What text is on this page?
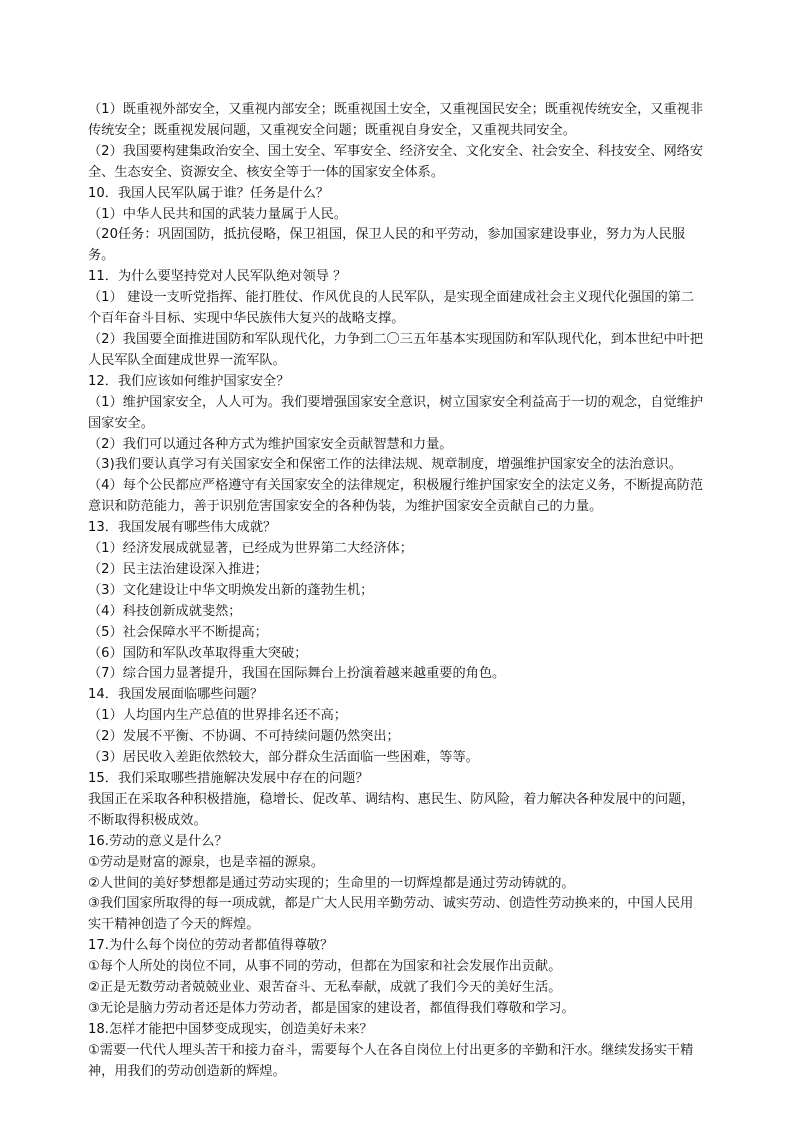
（1）既重视外部安全，又重视内部安全；既重视国土安全，又重视国民安全；既重视传统安全，又重视非传统安全；既重视发展问题，又重视安全问题；既重视自身安全，又重视共同安全。

（2）我国要构建集政治安全、国土安全、军事安全、经济安全、文化安全、社会安全、科技安全、网络安全、生态安全、资源安全、核安全等于一体的国家安全体系。

10．我国人民军队属于谁？任务是什么？

（1）中华人民共和国的武装力量属于人民。

（20任务：巩固国防，抵抗侵略，保卫祖国，保卫人民的和平劳动，参加国家建设事业，努力为人民服务。

11．为什么要坚持党对人民军队绝对领导 ？

（1） 建设一支听党指挥、能打胜仗、作风优良的人民军队，是实现全面建成社会主义现代化强国的第二个百年奋斗目标、实现中华民族伟大复兴的战略支撑。

（2）我国要全面推进国防和军队现代化，力争到二〇三五年基本实现国防和军队现代化，到本世纪中叶把人民军队全面建成世界一流军队。

12．我们应该如何维护国家安全？

（1）维护国家安全，人人可为。我们要增强国家安全意识，树立国家安全利益高于一切的观念，自觉维护国家安全。

（2）我们可以通过各种方式为维护国家安全贡献智慧和力量。

（3)我们要认真学习有关国家安全和保密工作的法律法规、规章制度，增强维护国家安全的法治意识。

（4）每个公民都应严格遵守有关国家安全的法律规定，积极履行维护国家安全的法定义务，不断提高防范意识和防范能力，善于识别危害国家安全的各种伪装，为维护国家安全贡献自己的力量。

13．我国发展有哪些伟大成就？

（1）经济发展成就显著，已经成为世界第二大经济体；

（2）民主法治建设深入推进；

（3）文化建设让中华文明焕发出新的蓬勃生机；

（4）科技创新成就斐然；

（5）社会保障水平不断提高；

（6）国防和军队改革取得重大突破；

（7）综合国力显著提升，我国在国际舞台上扮演着越来越重要的角色。

14．我国发展面临哪些问题？

（1）人均国内生产总值的世界排名还不高；

（2）发展不平衡、不协调、不可持续问题仍然突出；

（3）居民收入差距依然较大，部分群众生活面临一些困难，等等。

15．我们采取哪些措施解决发展中存在的问题？

我国正在采取各种积极措施，稳增长、促改革、调结构、惠民生、防风险，着力解决各种发展中的问题，不断取得积极成效。

16.劳动的意义是什么？

①劳动是财富的源泉，也是幸福的源泉。

②人世间的美好梦想都是通过劳动实现的；生命里的一切辉煌都是通过劳动铸就的。

③我们国家所取得的每一项成就，都是广大人民用辛勤劳动、诚实劳动、创造性劳动换来的，中国人民用实干精神创造了今天的辉煌。

17.为什么每个岗位的劳动者都值得尊敬？

①每个人所处的岗位不同，从事不同的劳动，但都在为国家和社会发展作出贡献。

②正是无数劳动者兢兢业业、艰苦奋斗、无私奉献，成就了我们今天的美好生活。

③无论是脑力劳动者还是体力劳动者，都是国家的建设者，都值得我们尊敬和学习。

18.怎样才能把中国梦变成现实，创造美好未来？

①需要一代代人埋头苦干和接力奋斗，需要每个人在各自岗位上付出更多的辛勤和汗水。继续发扬实干精神，用我们的劳动创造新的辉煌。
